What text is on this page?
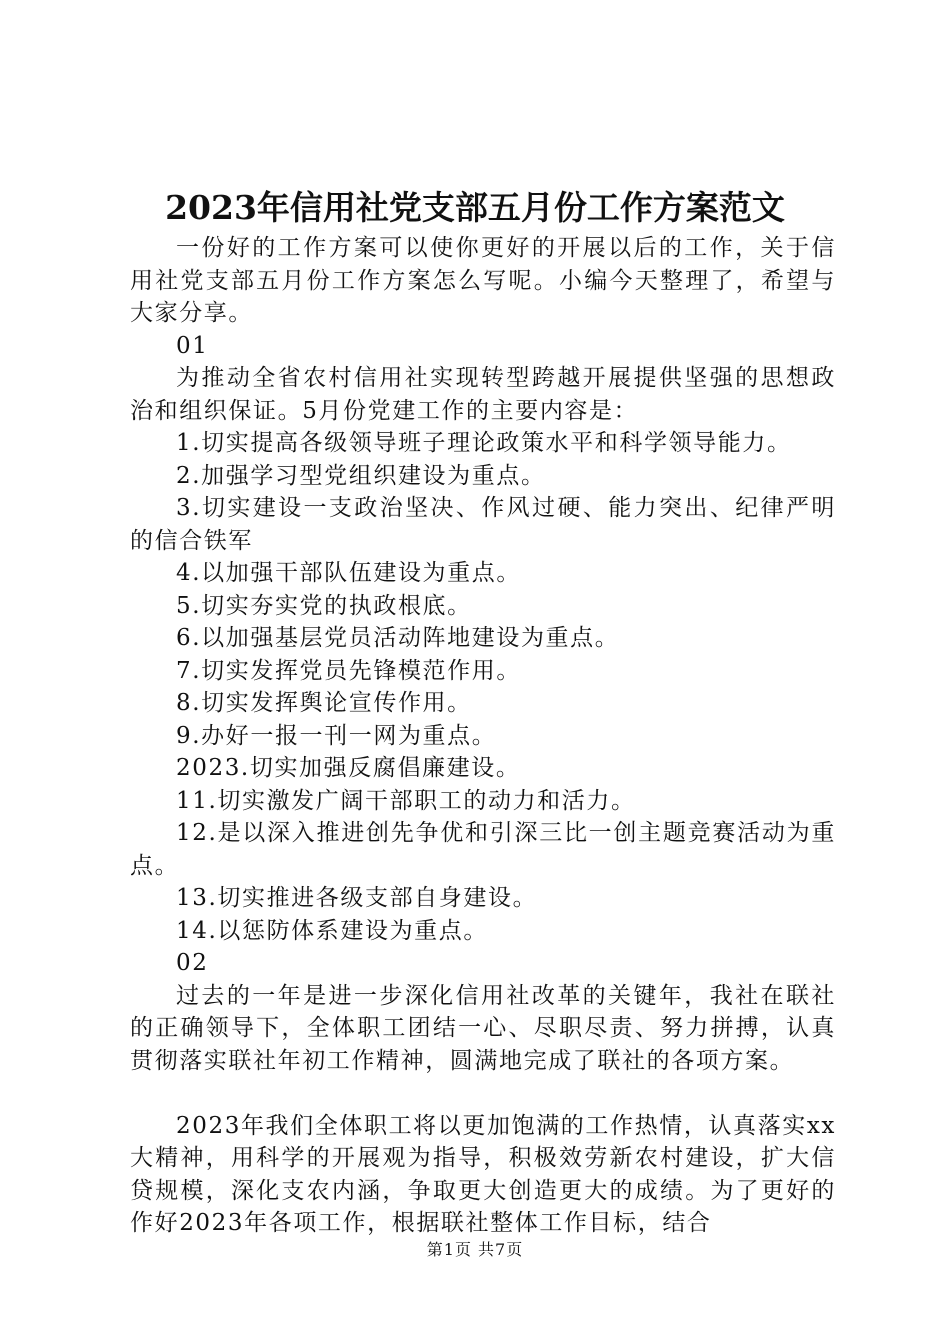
2023年信用社党支部五月份工作方案范文

一份好的工作方案可以使你更好的开展以后的工作，关于信用社党支部五月份工作方案怎么写呢。小编今天整理了，希望与大家分享。

01

为推动全省农村信用社实现转型跨越开展提供坚强的思想政治和组织保证。5月份党建工作的主要内容是：

1.切实提高各级领导班子理论政策水平和科学领导能力。

2.加强学习型党组织建设为重点。

3.切实建设一支政治坚决、作风过硬、能力突出、纪律严明的信合铁军

4.以加强干部队伍建设为重点。

5.切实夯实党的执政根底。

6.以加强基层党员活动阵地建设为重点。

7.切实发挥党员先锋模范作用。

8.切实发挥舆论宣传作用。

9.办好一报一刊一网为重点。

2023.切实加强反腐倡廉建设。

11.切实激发广阔干部职工的动力和活力。

12.是以深入推进创先争优和引深三比一创主题竞赛活动为重点。

13.切实推进各级支部自身建设。

14.以惩防体系建设为重点。

02

过去的一年是进一步深化信用社改革的关键年，我社在联社的正确领导下，全体职工团结一心、尽职尽责、努力拼搏，认真贯彻落实联社年初工作精神，圆满地完成了联社的各项方案。

2023年我们全体职工将以更加饱满的工作热情，认真落实xx大精神，用科学的开展观为指导，积极效劳新农村建设，扩大信贷规模，深化支农内涵，争取更大创造更大的成绩。为了更好的作好2023年各项工作，根据联社整体工作目标，结合

第1页 共7页
